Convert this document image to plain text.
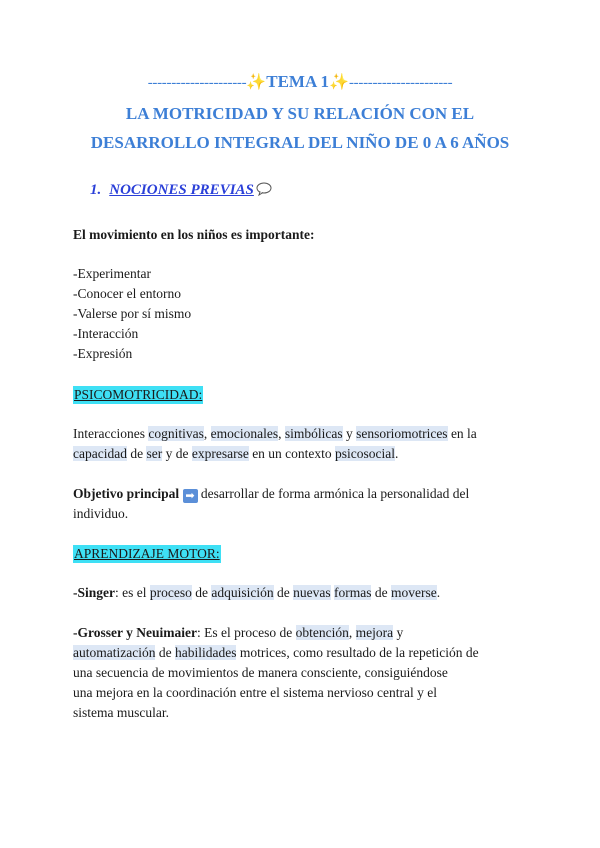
---------------------✨TEMA 1✨----------------------
LA MOTRICIDAD Y SU RELACIÓN CON EL
DESARROLLO INTEGRAL DEL NIÑO DE 0 A 6 AÑOS
1. NOCIONES PREVIAS
El movimiento en los niños es importante:
-Experimentar
-Conocer el entorno
-Valerse por sí mismo
-Interacción
-Expresión
PSICOMOTRICIDAD:
Interacciones cognitivas, emocionales, simbólicas y sensoriomotrices en la
capacidad de ser y de expresarse en un contexto psicosocial.
Objetivo principal ➡ desarrollar de forma armónica la personalidad del
individuo.
APRENDIZAJE MOTOR:
-Singer: es el proceso de adquisición de nuevas formas de moverse.
-Grosser y Neuimaier: Es el proceso de obtención, mejora y
automatización de habilidades motrices, como resultado de la repetición de
una secuencia de movimientos de manera consciente, consiguiéndose
una mejora en la coordinación entre el sistema nervioso central y el
sistema muscular.
